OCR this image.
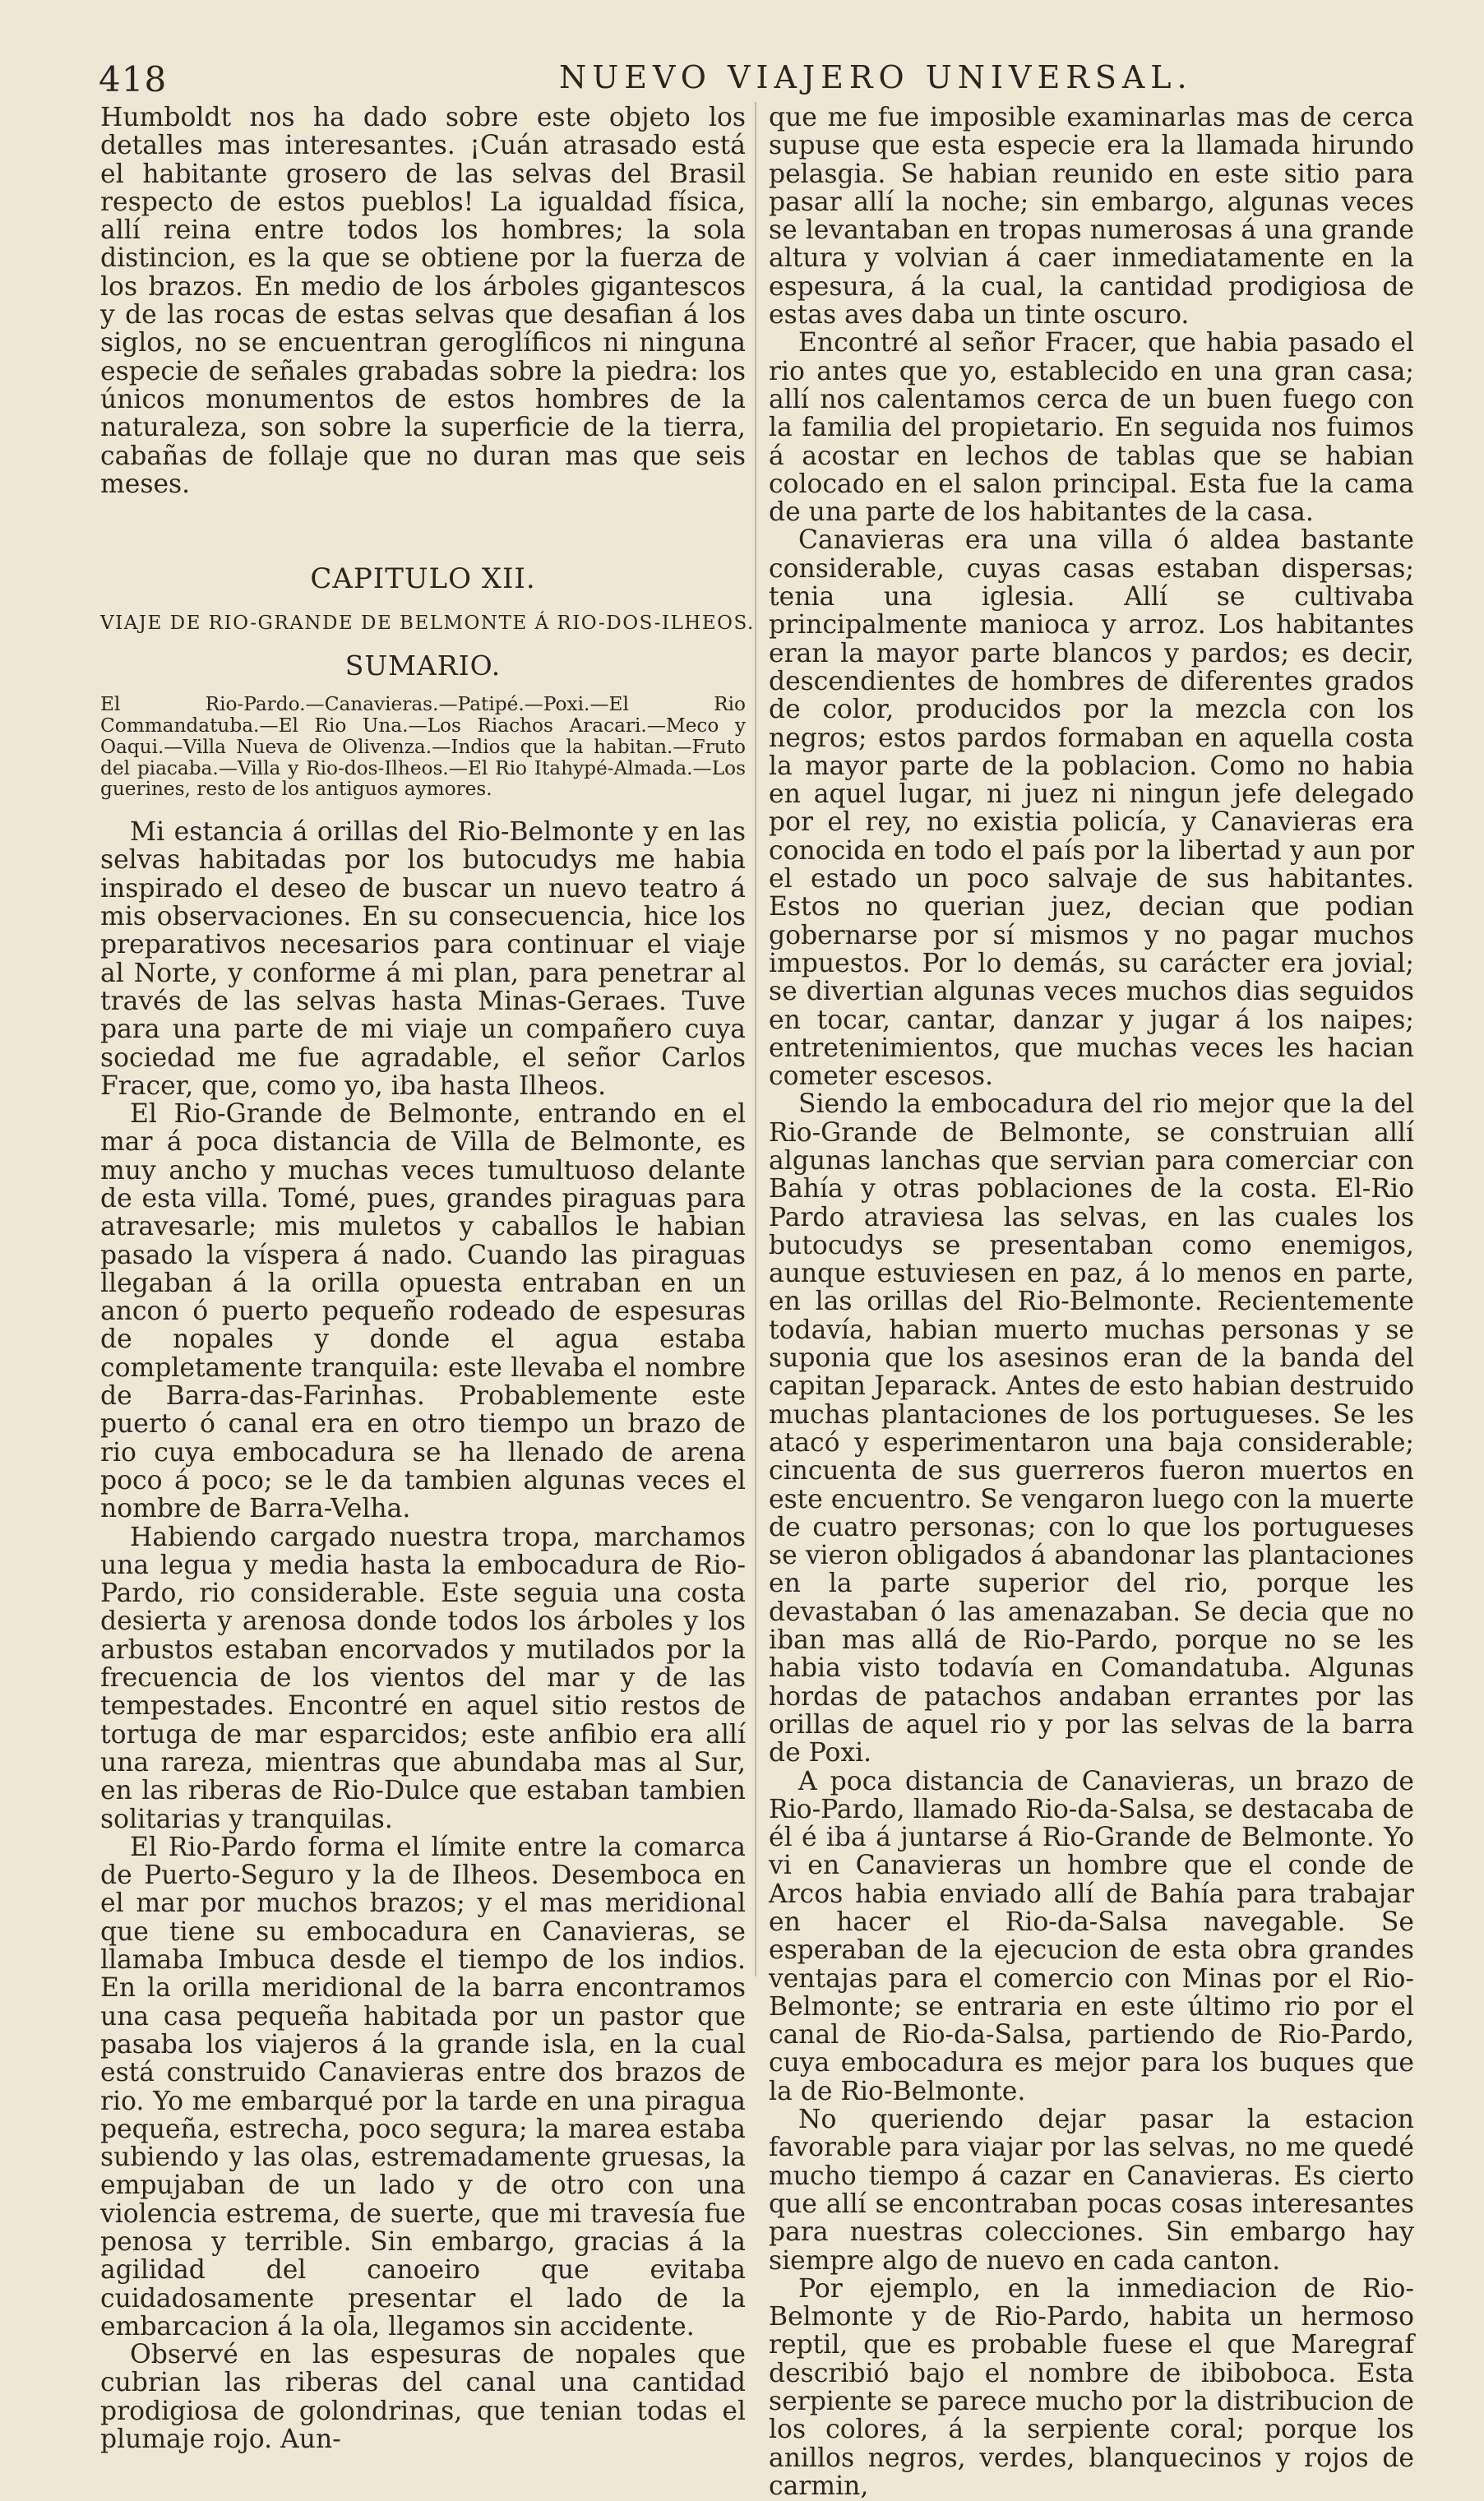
418	NUEVO VIAJERO UNIVERSAL.

Humboldt nos ha dado sobre este objeto los detalles mas interesantes. ¡Cuán atrasado está el habitante grosero de las selvas del Brasil respecto de estos pueblos! La igualdad física, allí reina entre todos los hombres; la sola distincion, es la que se obtiene por la fuerza de los brazos. En medio de los árboles gigantescos y de las rocas de estas selvas que desafian á los siglos, no se encuentran geroglíficos ni ninguna especie de señales grabadas sobre la piedra: los únicos monumentos de estos hombres de la naturaleza, son sobre la superficie de la tierra, cabañas de follaje que no duran mas que seis meses.

CAPITULO XII.
VIAJE DE RIO-GRANDE DE BELMONTE Á RIO-DOS-ILHEOS.
SUMARIO.

El Rio-Pardo.—Canavieras.—Patipé.—Poxi.—El Rio Commandatuba.—El Rio Una.—Los Riachos Aracari.—Meco y Oaqui.—Villa Nueva de Olivenza.—Indios que la habitan.—Fruto del piacaba.—Villa y Rio-dos-Ilheos.—El Rio Itahypé-Almada.—Los guerines, resto de los antiguos aymores.

Mi estancia á orillas del Rio-Belmonte y en las selvas habitadas por los butocudys me habia inspirado el deseo de buscar un nuevo teatro á mis observaciones. En su consecuencia, hice los preparativos necesarios para continuar el viaje al Norte, y conforme á mi plan, para penetrar al través de las selvas hasta Minas-Geraes. Tuve para una parte de mi viaje un compañero cuya sociedad me fue agradable, el señor Carlos Fracer, que, como yo, iba hasta Ilheos.

El Rio-Grande de Belmonte, entrando en el mar á poca distancia de Villa de Belmonte, es muy ancho y muchas veces tumultuoso delante de esta villa. Tomé, pues, grandes piraguas para atravesarle; mis muletos y caballos le habian pasado la víspera á nado. Cuando las piraguas llegaban á la orilla opuesta entraban en un ancon ó puerto pequeño rodeado de espesuras de nopales y donde el agua estaba completamente tranquila: este llevaba el nombre de Barra-das-Farinhas. Probablemente este puerto ó canal era en otro tiempo un brazo de rio cuya embocadura se ha llenado de arena poco á poco; se le da tambien algunas veces el nombre de Barra-Velha.

Habiendo cargado nuestra tropa, marchamos una legua y media hasta la embocadura de Rio-Pardo, rio considerable. Este seguia una costa desierta y arenosa donde todos los árboles y los arbustos estaban encorvados y mutilados por la frecuencia de los vientos del mar y de las tempestades. Encontré en aquel sitio restos de tortuga de mar esparcidos; este anfibio era allí una rareza, mientras que abundaba mas al Sur, en las riberas de Rio-Dulce que estaban tambien solitarias y tranquilas.

El Rio-Pardo forma el límite entre la comarca de Puerto-Seguro y la de Ilheos. Desemboca en el mar por muchos brazos; y el mas meridional que tiene su embocadura en Canavieras, se llamaba Imbuca desde el tiempo de los indios. En la orilla meridional de la barra encontramos una casa pequeña habitada por un pastor que pasaba los viajeros á la grande isla, en la cual está construido Canavieras entre dos brazos de rio. Yo me embarqué por la tarde en una piragua pequeña, estrecha, poco segura; la marea estaba subiendo y las olas, estremadamente gruesas, la empujaban de un lado y de otro con una violencia estrema, de suerte, que mi travesía fue penosa y terrible. Sin embargo, gracias á la agilidad del canoeiro que evitaba cuidadosamente presentar el lado de la embarcacion á la ola, llegamos sin accidente.

Observé en las espesuras de nopales que cubrian las riberas del canal una cantidad prodigiosa de golondrinas, que tenian todas el plumaje rojo. Aun-

que me fue imposible examinarlas mas de cerca supuse que esta especie era la llamada hirundo pelasgia. Se habian reunido en este sitio para pasar allí la noche; sin embargo, algunas veces se levantaban en tropas numerosas á una grande altura y volvian á caer inmediatamente en la espesura, á la cual, la cantidad prodigiosa de estas aves daba un tinte oscuro.

Encontré al señor Fracer, que habia pasado el rio antes que yo, establecido en una gran casa; allí nos calentamos cerca de un buen fuego con la familia del propietario. En seguida nos fuimos á acostar en lechos de tablas que se habian colocado en el salon principal. Esta fue la cama de una parte de los habitantes de la casa.

Canavieras era una villa ó aldea bastante considerable, cuyas casas estaban dispersas; tenia una iglesia. Allí se cultivaba principalmente manioca y arroz. Los habitantes eran la mayor parte blancos y pardos; es decir, descendientes de hombres de diferentes grados de color, producidos por la mezcla con los negros; estos pardos formaban en aquella costa la mayor parte de la poblacion. Como no habia en aquel lugar, ni juez ni ningun jefe delegado por el rey, no existia policía, y Canavieras era conocida en todo el país por la libertad y aun por el estado un poco salvaje de sus habitantes. Estos no querian juez, decian que podian gobernarse por sí mismos y no pagar muchos impuestos. Por lo demás, su carácter era jovial; se divertian algunas veces muchos dias seguidos en tocar, cantar, danzar y jugar á los naipes; entretenimientos, que muchas veces les hacian cometer escesos.

Siendo la embocadura del rio mejor que la del Rio-Grande de Belmonte, se construian allí algunas lanchas que servian para comerciar con Bahía y otras poblaciones de la costa. El-Rio Pardo atraviesa las selvas, en las cuales los butocudys se presentaban como enemigos, aunque estuviesen en paz, á lo menos en parte, en las orillas del Rio-Belmonte. Recientemente todavía, habian muerto muchas personas y se suponia que los asesinos eran de la banda del capitan Jeparack. Antes de esto habian destruido muchas plantaciones de los portugueses. Se les atacó y esperimentaron una baja considerable; cincuenta de sus guerreros fueron muertos en este encuentro. Se vengaron luego con la muerte de cuatro personas; con lo que los portugueses se vieron obligados á abandonar las plantaciones en la parte superior del rio, porque les devastaban ó las amenazaban. Se decia que no iban mas allá de Rio-Pardo, porque no se les habia visto todavía en Comandatuba. Algunas hordas de patachos andaban errantes por las orillas de aquel rio y por las selvas de la barra de Poxi.

A poca distancia de Canavieras, un brazo de Rio-Pardo, llamado Rio-da-Salsa, se destacaba de él é iba á juntarse á Rio-Grande de Belmonte. Yo vi en Canavieras un hombre que el conde de Arcos habia enviado allí de Bahía para trabajar en hacer el Rio-da-Salsa navegable. Se esperaban de la ejecucion de esta obra grandes ventajas para el comercio con Minas por el Rio-Belmonte; se entraria en este último rio por el canal de Rio-da-Salsa, partiendo de Rio-Pardo, cuya embocadura es mejor para los buques que la de Rio-Belmonte.

No queriendo dejar pasar la estacion favorable para viajar por las selvas, no me quedé mucho tiempo á cazar en Canavieras. Es cierto que allí se encontraban pocas cosas interesantes para nuestras colecciones. Sin embargo hay siempre algo de nuevo en cada canton.

Por ejemplo, en la inmediacion de Rio-Belmonte y de Rio-Pardo, habita un hermoso reptil, que es probable fuese el que Maregraf describió bajo el nombre de ibiboboca. Esta serpiente se parece mucho por la distribucion de los colores, á la serpiente coral; porque los anillos negros, verdes, blanquecinos y rojos de carmin,
